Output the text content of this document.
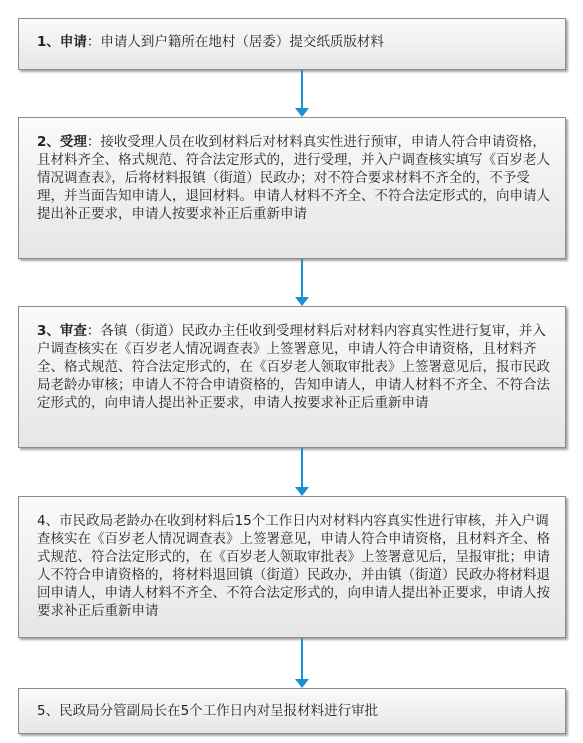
1、申请：申请人到户籍所在地村（居委）提交纸质版材料
2、受理：接收受理人员在收到材料后对材料真实性进行预审，申请人符合申请资格，且材料齐全、格式规范、符合法定形式的，进行受理，并入户调查核实填写《百岁老人情况调查表》，后将材料报镇（街道）民政办；对不符合要求材料不齐全的，不予受理，并当面告知申请人，退回材料。申请人材料不齐全、不符合法定形式的，向申请人提出补正要求，申请人按要求补正后重新申请
3、审查：各镇（街道）民政办主任收到受理材料后对材料内容真实性进行复审，并入户调查核实在《百岁老人情况调查表》上签署意见，申请人符合申请资格，且材料齐全、格式规范、符合法定形式的，在《百岁老人领取审批表》上签署意见后，报市民政局老龄办审核；申请人不符合申请资格的，告知申请人，申请人材料不齐全、不符合法定形式的，向申请人提出补正要求，申请人按要求补正后重新申请
4、市民政局老龄办在收到材料后15个工作日内对材料内容真实性进行审核，并入户调查核实在《百岁老人情况调查表》上签署意见，申请人符合申请资格，且材料齐全、格式规范、符合法定形式的，在《百岁老人领取审批表》上签署意见后，呈报审批；申请人不符合申请资格的，将材料退回镇（街道）民政办，并由镇（街道）民政办将材料退回申请人，申请人材料不齐全、不符合法定形式的，向申请人提出补正要求，申请人按要求补正后重新申请
5、民政局分管副局长在5个工作日内对呈报材料进行审批
